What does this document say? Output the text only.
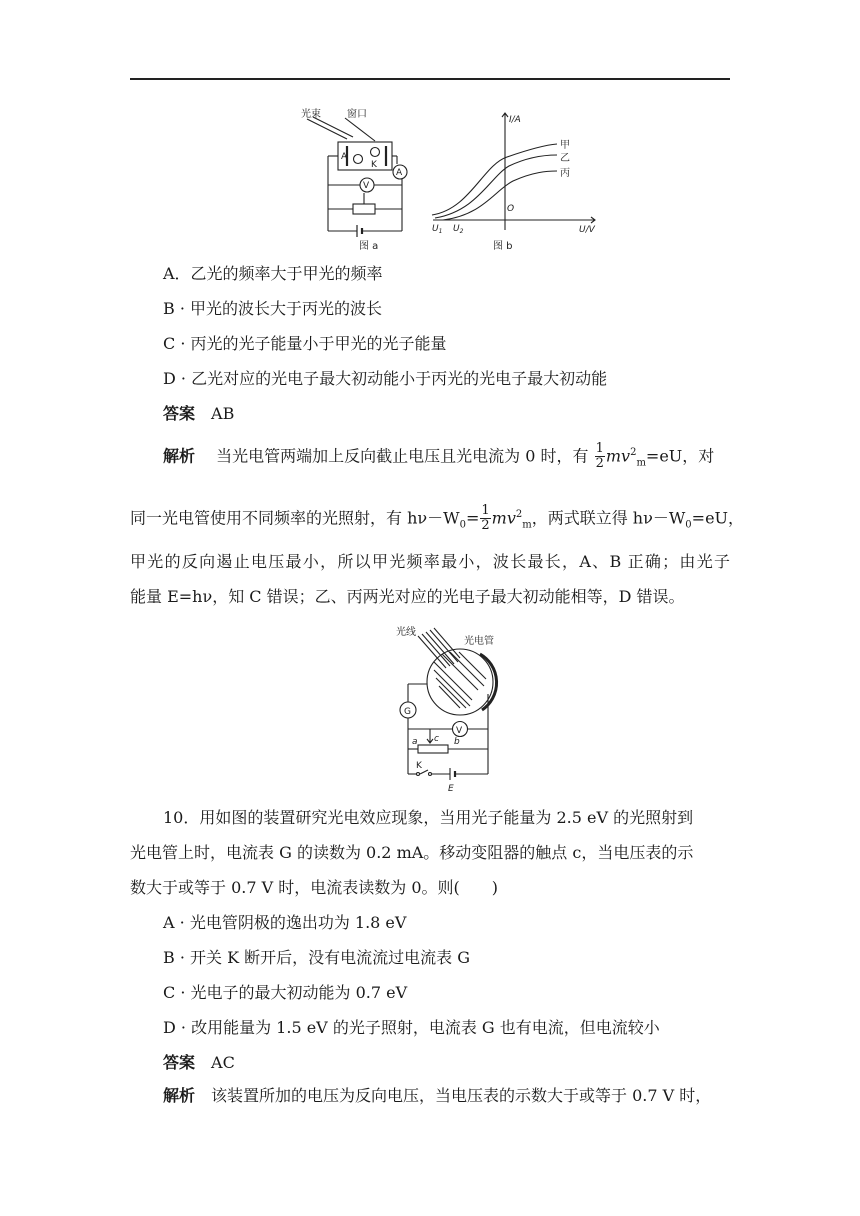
光束	窗口
A
K
A
V
图 a
I/A
U/V
O
$U_1$ $U_2$
甲
乙
丙
图 b
A．乙光的频率大于甲光的频率
B · 甲光的波长大于丙光的波长
C · 丙光的光子能量小于甲光的光子能量
D · 乙光对应的光电子最大初动能小于丙光的光电子最大初动能
答案　 AB
解析　 当光电管两端加上反向截止电压且光电流为 0 时，有 $\frac{1}{2} mv^2_m=eU$，对
同一光电管使用不同频率的光照射，有 $h\nu-W_0= \frac{1}{2} mv^2_m$，两式联立得 $h\nu-W_0=eU$，
甲光的反向遏止电压最小，所以甲光频率最小，波长最长，A、B 正确；由光子
能量 E=hν，知 C 错误；乙、丙两光对应的光电子最大初动能相等，D 错误。
光线
光电管
G
V
a	b
c
K
E
10．用如图的装置研究光电效应现象，当用光子能量为 2.5 eV 的光照射到
光电管上时，电流表 G 的读数为 0.2 mA。移动变阻器的触点 c，当电压表的示
数大于或等于 0.7 V 时，电流表读数为 0。则(　　)
A · 光电管阴极的逸出功为 1.8 eV
B · 开关 K 断开后，没有电流流过电流表 G
C · 光电子的最大初动能为 0.7 eV
D · 改用能量为 1.5 eV 的光子照射，电流表 G 也有电流，但电流较小
答案　 AC
解析　 该装置所加的电压为反向电压，当电压表的示数大于或等于 0.7 V 时，
